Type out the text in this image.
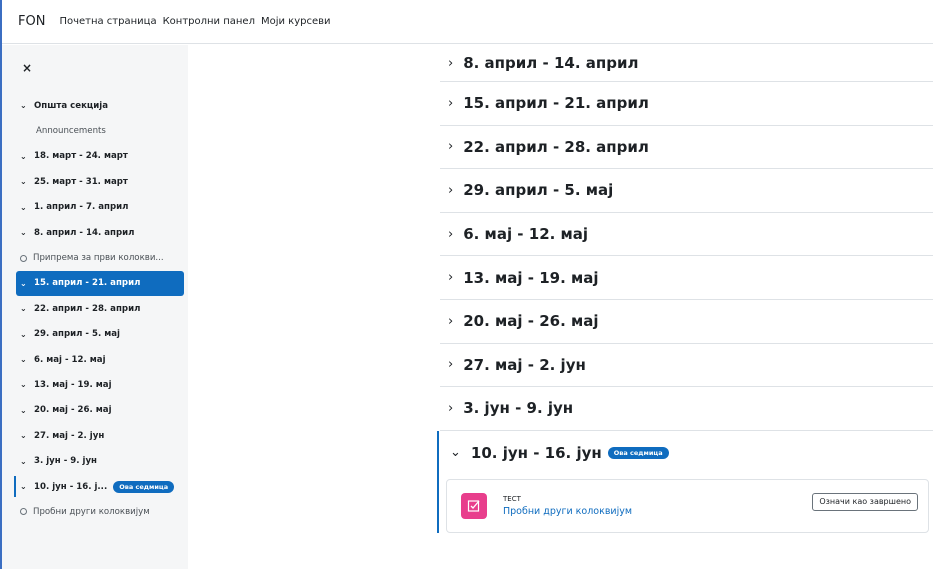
FON Почетна страница Контролни панел Моји курсеви
×
⌄ Општа секција
Announcements
⌄ 18. март - 24. март
⌄ 25. март - 31. март
⌄ 1. април - 7. април
⌄ 8. април - 14. април
Припрема за први колокви...
⌄ 15. април - 21. април
⌄ 22. април - 28. април
⌄ 29. април - 5. мај
⌄ 6. мај - 12. мај
⌄ 13. мај - 19. мај
⌄ 20. мај - 26. мај
⌄ 27. мај - 2. јун
⌄ 3. јун - 9. јун
⌄ 10. јун - 16. ј...	Ова седмица
Пробни други колоквијум
› 8. април - 14. април
› 15. април - 21. април
› 22. април - 28. април
› 29. април - 5. мај
› 6. мај - 12. мај
› 13. мај - 19. мај
› 20. мај - 26. мај
› 27. мај - 2. јун
› 3. јун - 9. јун
⌄ 10. јун - 16. јун	Ова седмица
ТЕСТ
Пробни други колоквијум
Означи као завршено
